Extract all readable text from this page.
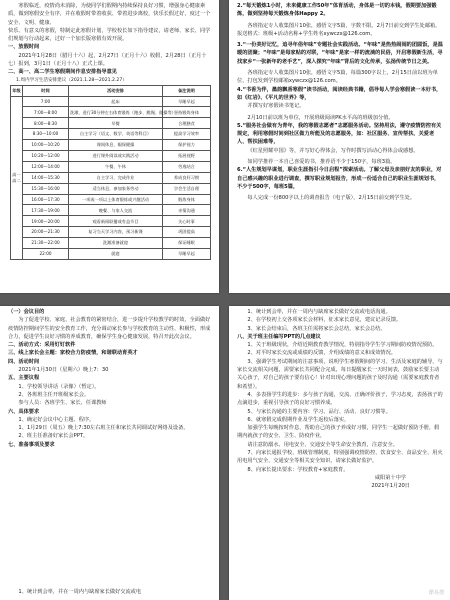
寒假临近，疫情尚未消除，为使同学们假期内持续保持良好习惯，增强身心健康素质，做到寒假安全有序，并在收假时带着收获、带着进步离校，快乐长假过好，度过一个安全、文明、健康、

快乐、有意义的寒假，特制定此寒假计划，学校校长如下指导建议，请老师、家长、同学们规划与行动起来，过好一个加长版寒假有效开展。

一、放假时间

2021年1月28日（腊月十六）起，2月27日（正月十六）收假，2月28日（正月十七）报到，3月1日（正月十八）正式上课。

二、高一、高二学生寒假期间作息安排指导意见

1.周内学习生活安排建议（2021.1.28—2021.2.27）

年级	时间	活动安排	备注说明
高一高二	7:00	起床	早睡早起
	7:00—8:00	洗漱、进行30分钟左右体育锻炼（跑步、跳绳、做操等）	坚持锻炼身体
	8:00—8:30	早餐	合理膳食
	8:30—10:00	自主学习（语文、数学、英语等科目）	提高学习效率
	10:00—10:20	课间休息、眼保健操	保护视力
	10:20—12:00	进行课外阅读或实践活动	拓展视野
	12:00—14:00	午餐、午休	劳逸结合
	14:00—15:30	自主学习、完成作业	养成良好习惯
	15:30—16:00	适当休息，参加家务劳动	学会生活自理
	16:00—17:30	一项或一项以上体育锻炼或兴趣活动	锻炼身体
	17:30—19:00	晚餐、与家人交流	亲情沟通
	19:00—20:00	观看新闻联播或有益节目	关心时事
	20:00—21:30	复习当天学习内容，预习新课	巩固提高
	21:30—22:00	洗漱准备就寝	保证睡眠
	22:00	就寝	早睡早起

2.“每天锻炼1小时，未来健康工作50年”体育活动，身体是一切的本钱，假期要加强锻炼，做到坚持每天锻炼身体Happy 2。

各班指定专人收集图片10张，感悟文字5篇，字数不限。2月7日前交到学生处邮箱，报送格式：班级+活动名称+学生姓名xywczx@126.com。

3.“一份美好记忆，追寻年俗年味”专题社会实践活动。“年味”是热热闹闹的团圆饭，是温暖的团聚；“年味”是每家贴的对联，“年味”是家一样的流淌的民俗，开启寒假新生活，寻找家乡“一张新年的老手艺”，深入探究“年味”背后的文化传承，弘扬传统节日之美。

各班指定专人收集图片10张，感悟文字5篇，每篇300字以上，2月15日前以班为单位，打包发到学校邮箱xywczx@126.com。

4.“书香为伴，墨韵飘香寒假”读书活动，阅读经典书籍，倡导每人学会寒假读一本好书，如《红岩》、《平凡的世界》等，

并撰写好寒假读书笔记。

2月10日前以班为单位，开展班级阅读PK水平高的班级加分值。

5.“服务社会做有为青年，我的寒假志愿者”志愿服务活动。坚持用法，遵守疫情防控有关规定，利用寒假时间到社区做力所能及的志愿服务，如：社区服务、宣传帮扶、关爱老人、帮扶困难等，

《红星照耀中国》等，并写好心得体会，写作时撰写活动心得体会或感想。

如同学推荐一本自己喜爱的书，推荐语不少于150字，每班3篇。

6.“人生规划早谋划，职业生涯指引今日启程”探索活动。了解父母及亲朋好友的职业，对自己感兴趣的职业进行调查，撰写职业规划报告，形成一份适合自己的职业生涯规划书，不少于500字，每班5篇，

每人完成一份800字以上的调查报告（电子版），2月15日前交到学生处。

（一）会议目的

为了促进学校、家庭、社会教育的紧密结合，进一步提升学校教学的时效，全面做好疫情防控期间学生的安全教育工作，充分调动家长参与学校教育的主动性、积极性，形成合力，促进学生良好习惯的养成教育，确保学生身心健康发展，特召开此次会议。

二、活动方式：采用钉钉软件

三、线上家长会主题：家校合力防疫情，和谐联动育英才

四、活动时间

2021年1月30日（星期六）晚上7：30

五、主要议程

1、学校领导讲话（录像）（暂定）。

2、各班班主任开班级家长会。

参与人员：各班学生、家长、任课教师

六、具体要求

1、确定好会议中心主题、程序。

1、1月29日（周五）晚上7:30左右班主任和家长共同调试好网络及设备，

2、班主任准备好家长会PPT。

七、准备事项及要求

1、统计到会率，并在一周内与缺席家长做好交流或电

1、统计到会率，并在一周内与缺席家长做好交流或电话沟通。

2、在学校初上交各项家长会材料，征求家长意见，建议记录反馈。

3、家长会结束后，各班主任需将家长会总结，家长会总结。

八、关于班主任编写PPT的几点建议

1、关于班级现状，介绍近期教育教学情况，特别指导学生学习期间防疫情况预防。

2、对平时家长交流或成绩的反馈，介绍成绩的意义和成效情况。

3、强调学生考试期间的注意事项，说明学生寒假期间的学习、生活及家庭的辅导，与家长交流相关问题，需要家长共同配合完成，每日提醒家长一天时间表，鼓励家长要主动关心孩子，对自己的孩子要有信心！针对出现心理问题的孩子及时沟通（需要家庭教育者和希望）。

4、多表扬学生的进步：多与孩子沟通，交流、正确评价孩子，学习态度，表扬孩子的点滴进步，重视引导孩子的良好习惯养成。

5、与家长沟通的主要内容：学习、品行、活动、良好习惯等。

6、就寒假完成假期作业及学生返校后落实，

加强学生每晚按时作息，帮助自己的孩子养成好习惯，同学生一起做好预防手册，假期内就孩子的安全、卫生、防疫作业，

请注意防溺水、用电安全、交通安全等生命安全教育，注意安全。

7、向家长通报学校、班级管理制度，特别强调疫情防控、饮食安全、食品安全、用火用电用气安全、交通安全等相关安全知识，请家长做好监护。

8、向家长提出要求：学校教育+家庭教育。

咸阳第十中学

2021年1月20日

酷易搜
